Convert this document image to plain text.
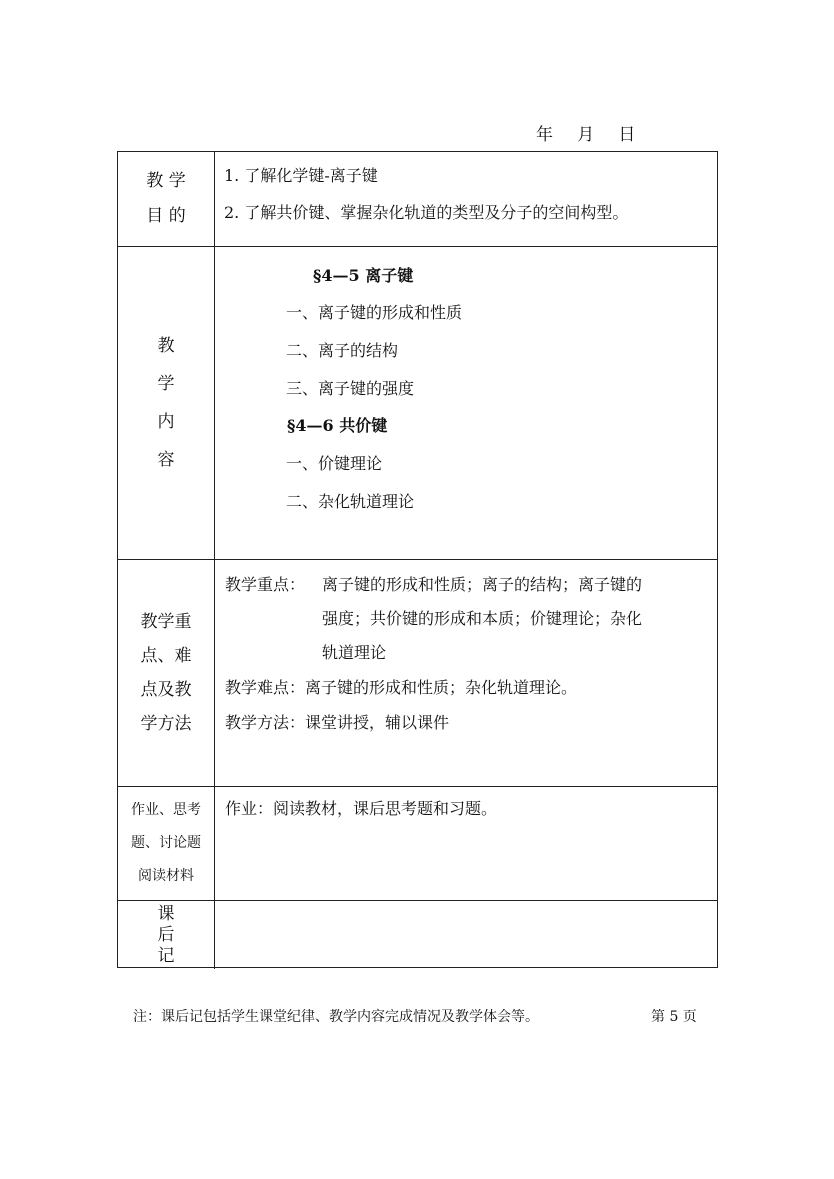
年   月   日
教 学
目 的
1. 了解化学键-离子键
2. 了解共价键、掌握杂化轨道的类型及分子的空间构型。
教
学
内
容
§4—5 离子键
一、离子键的形成和性质
二、离子的结构
三、离子键的强度
§4—6 共价键
一、价键理论
二、杂化轨道理论
教学重
点、难
点及教
学方法
教学重点： 离子键的形成和性质；离子的结构；离子键的
强度；共价键的形成和本质；价键理论；杂化
轨道理论
教学难点：离子键的形成和性质；杂化轨道理论。
教学方法：课堂讲授，辅以课件
作业、思考
题、讨论题
阅读材料
作业：阅读教材，课后思考题和习题。
课
后
记
注：课后记包括学生课堂纪律、教学内容完成情况及教学体会等。	第 5 页
